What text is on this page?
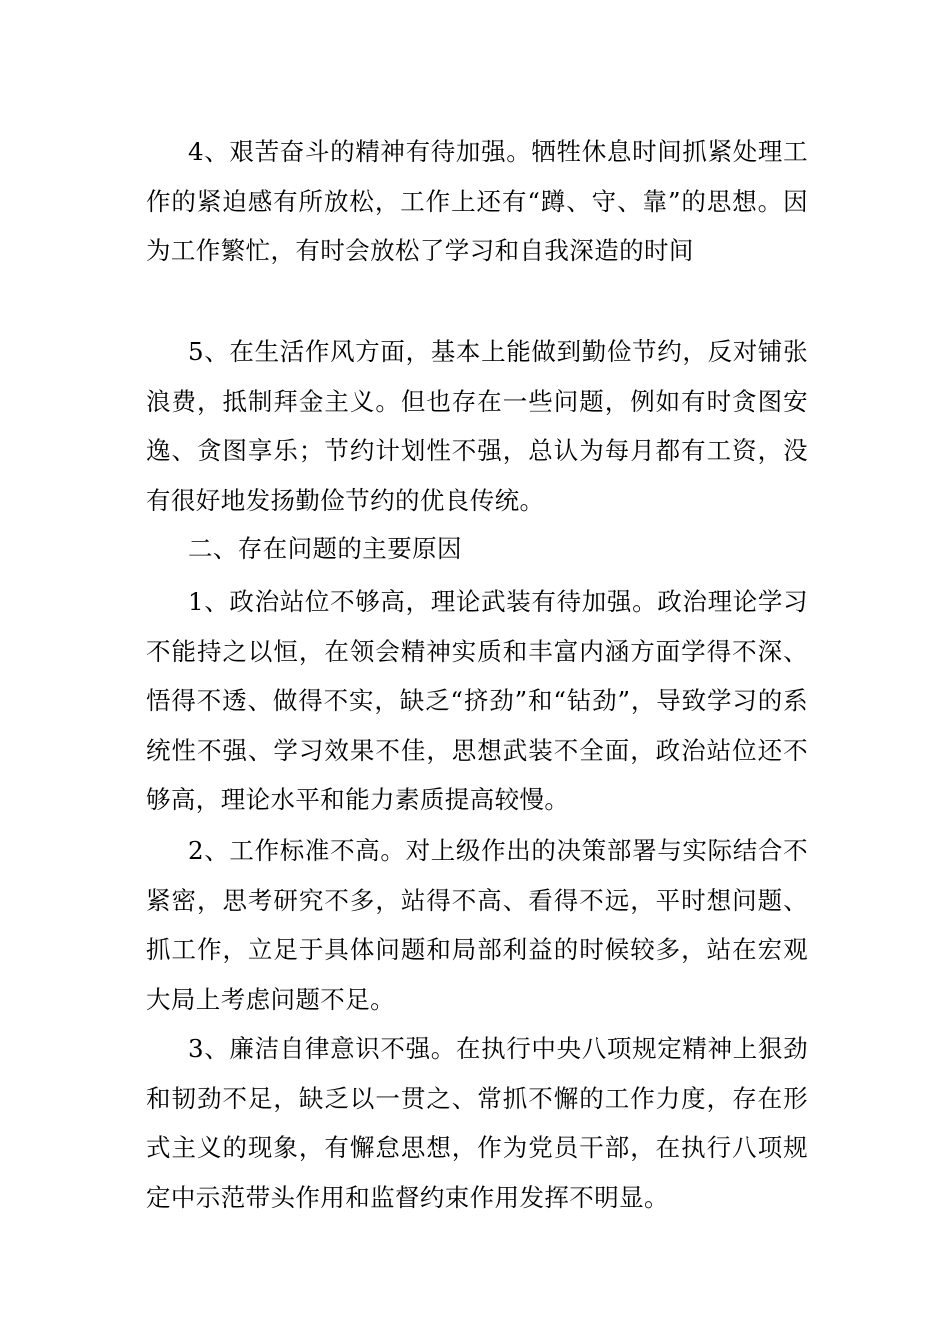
4、艰苦奋斗的精神有待加强。牺牲休息时间抓紧处理工作的紧迫感有所放松，工作上还有“蹲、守、靠”的思想。因为工作繁忙，有时会放松了学习和自我深造的时间

5、在生活作风方面，基本上能做到勤俭节约，反对铺张浪费，抵制拜金主义。但也存在一些问题，例如有时贪图安逸、贪图享乐；节约计划性不强，总认为每月都有工资，没有很好地发扬勤俭节约的优良传统。

二、存在问题的主要原因

1、政治站位不够高，理论武装有待加强。政治理论学习不能持之以恒，在领会精神实质和丰富内涵方面学得不深、悟得不透、做得不实，缺乏“挤劲”和“钻劲”，导致学习的系统性不强、学习效果不佳，思想武装不全面，政治站位还不够高，理论水平和能力素质提高较慢。

2、工作标准不高。对上级作出的决策部署与实际结合不紧密，思考研究不多，站得不高、看得不远，平时想问题、抓工作，立足于具体问题和局部利益的时候较多，站在宏观大局上考虑问题不足。

3、廉洁自律意识不强。在执行中央八项规定精神上狠劲和韧劲不足，缺乏以一贯之、常抓不懈的工作力度，存在形式主义的现象，有懈怠思想，作为党员干部，在执行八项规定中示范带头作用和监督约束作用发挥不明显。
